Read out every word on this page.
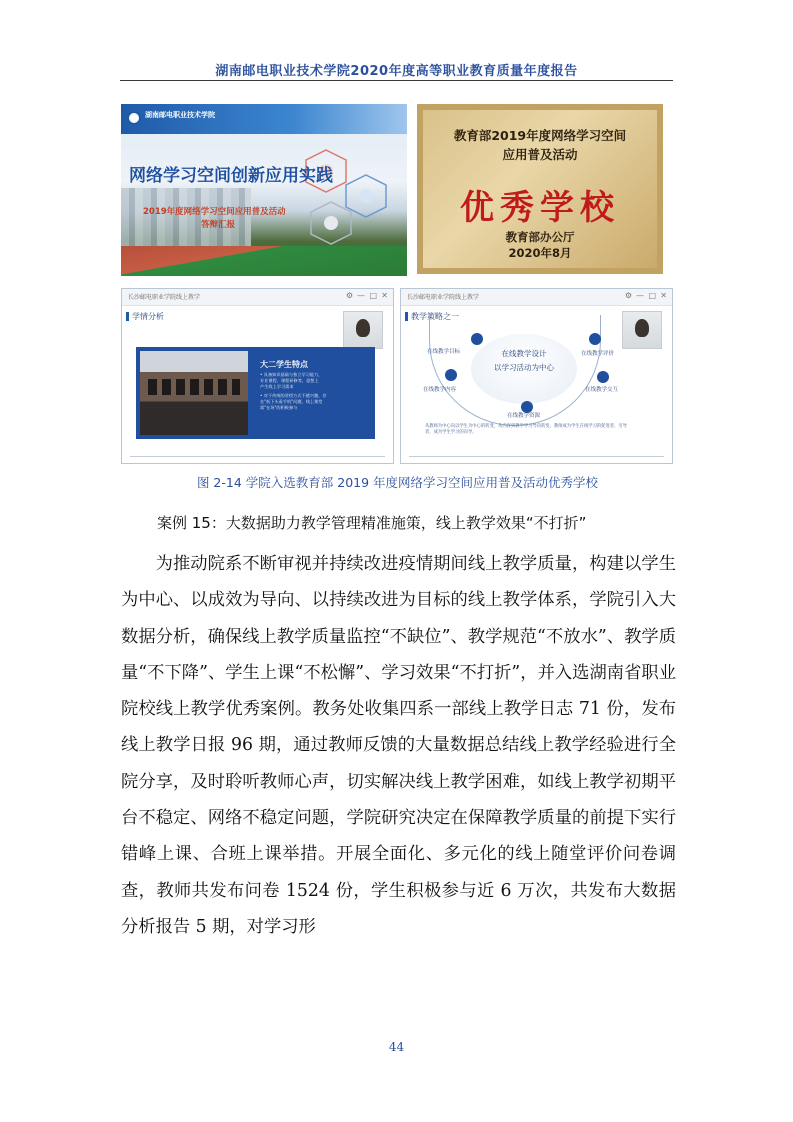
湖南邮电职业技术学院2020年度高等职业教育质量年度报告
湖南邮电职业技术学院
网络学习空间创新应用实践
2019年度网络学习空间应用普及活动
答辩汇报
教育部2019年度网络学习空间
应用普及活动
优秀学校
教育部办公厅
2020年8月
长沙邮电职业学院线上教学	⚙ — □ ✕
学情分析
大二学生特点
• 具备知识基础与独立学习能力，
专业课程、课程研修等，思想上
产生线上学习需求
• 对于传统的讲授方式不感兴趣，存
在"低下头看手机"问题，线上课堂
需"在场"的积极参与
长沙邮电职业学院线上教学	⚙ — □ ✕
教学策略之一
在线教学设计
以学习活动为中心
在线教学目标	在线教学评价
在线教学内容	在线教学交互
在线教学资源
从教师为中心向以学生为中心的转变，从内容到教学学习导向转变，教师成为学生在线学习的促进者、引导者，成为学生学习的向导。
图 2-14 学院入选教育部 2019 年度网络学习空间应用普及活动优秀学校
案例 15：大数据助力教学管理精准施策，线上教学效果“不打折”

为推动院系不断审视并持续改进疫情期间线上教学质量，构建以学生为中心、以成效为导向、以持续改进为目标的线上教学体系，学院引入大数据分析，确保线上教学质量监控“不缺位”、教学规范“不放水”、教学质量“不下降”、学生上课“不松懈”、学习效果“不打折”，并入选湖南省职业院校线上教学优秀案例。教务处收集四系一部线上教学日志 71 份，发布线上教学日报 96 期，通过教师反馈的大量数据总结线上教学经验进行全院分享，及时聆听教师心声，切实解决线上教学困难，如线上教学初期平台不稳定、网络不稳定问题，学院研究决定在保障教学质量的前提下实行错峰上课、合班上课举措。开展全面化、多元化的线上随堂评价问卷调查，教师共发布问卷 1524 份，学生积极参与近 6 万次，共发布大数据分析报告 5 期，对学习形

44
